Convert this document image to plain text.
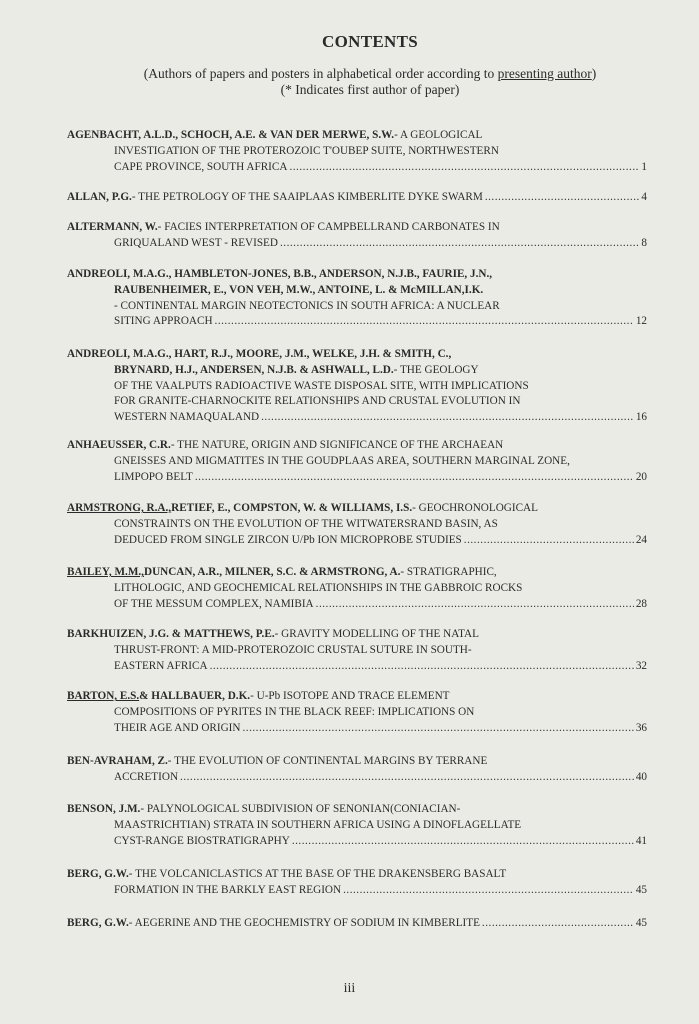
CONTENTS
(Authors of papers and posters in alphabetical order according to presenting author)
(* Indicates first author of paper)
AGENBACHT, A.L.D., SCHOCH, A.E. & VAN DER MERWE, S.W. - A GEOLOGICAL
INVESTIGATION OF THE PROTEROZOIC T'OUBEP SUITE, NORTHWESTERN
CAPE PROVINCE, SOUTH AFRICA .....	1
ALLAN, P.G. - THE PETROLOGY OF THE SAAIPLAAS KIMBERLITE DYKE SWARM .....	4
ALTERMANN, W. - FACIES INTERPRETATION OF CAMPBELLRAND CARBONATES IN
GRIQUALAND WEST - REVISED .....	8
ANDREOLI, M.A.G., HAMBLETON-JONES, B.B., ANDERSON, N.J.B., FAURIE, J.N.,
RAUBENHEIMER, E., VON VEH, M.W., ANTOINE, L. & McMILLAN,I.K.
- CONTINENTAL MARGIN NEOTECTONICS IN SOUTH AFRICA: A NUCLEAR
SITING APPROACH .....	12
ANDREOLI, M.A.G., HART, R.J., MOORE, J.M., WELKE, J.H. & SMITH, C.,
BRYNARD, H.J., ANDERSEN, N.J.B. & ASHWALL, L.D. - THE GEOLOGY
OF THE VAALPUTS RADIOACTIVE WASTE DISPOSAL SITE, WITH IMPLICATIONS
FOR GRANITE-CHARNOCKITE RELATIONSHIPS AND CRUSTAL EVOLUTION IN
WESTERN NAMAQUALAND .....	16
ANHAEUSSER, C.R. - THE NATURE, ORIGIN AND SIGNIFICANCE OF THE ARCHAEAN
GNEISSES AND MIGMATITES IN THE GOUDPLAAS AREA, SOUTHERN MARGINAL ZONE,
LIMPOPO BELT .....	20
ARMSTRONG, R.A., RETIEF, E., COMPSTON, W. & WILLIAMS, I.S. - GEOCHRONOLOGICAL
CONSTRAINTS ON THE EVOLUTION OF THE WITWATERSRAND BASIN, AS
DEDUCED FROM SINGLE ZIRCON U/Pb ION MICROPROBE STUDIES .....	24
BAILEY, M.M., DUNCAN, A.R., MILNER, S.C. & ARMSTRONG, A. - STRATIGRAPHIC,
LITHOLOGIC, AND GEOCHEMICAL RELATIONSHIPS IN THE GABBROIC ROCKS
OF THE MESSUM COMPLEX, NAMIBIA .....	28
BARKHUIZEN, J.G. & MATTHEWS, P.E. - GRAVITY MODELLING OF THE NATAL
THRUST-FRONT: A MID-PROTEROZOIC CRUSTAL SUTURE IN SOUTH-
EASTERN AFRICA .....	32
BARTON, E.S. & HALLBAUER, D.K. - U-Pb ISOTOPE AND TRACE ELEMENT
COMPOSITIONS OF PYRITES IN THE BLACK REEF: IMPLICATIONS ON
THEIR AGE AND ORIGIN .....	36
BEN-AVRAHAM, Z. - THE EVOLUTION OF CONTINENTAL MARGINS BY TERRANE
ACCRETION .....	40
BENSON, J.M. - PALYNOLOGICAL SUBDIVISION OF SENONIAN(CONIACIAN-
MAASTRICHTIAN) STRATA IN SOUTHERN AFRICA USING A DINOFLAGELLATE
CYST-RANGE BIOSTRATIGRAPHY .....	41
BERG, G.W. - THE VOLCANICLASTICS AT THE BASE OF THE DRAKENSBERG BASALT
FORMATION IN THE BARKLY EAST REGION .....	45
BERG, G.W. - AEGERINE AND THE GEOCHEMISTRY OF SODIUM IN KIMBERLITE .....	45
iii
